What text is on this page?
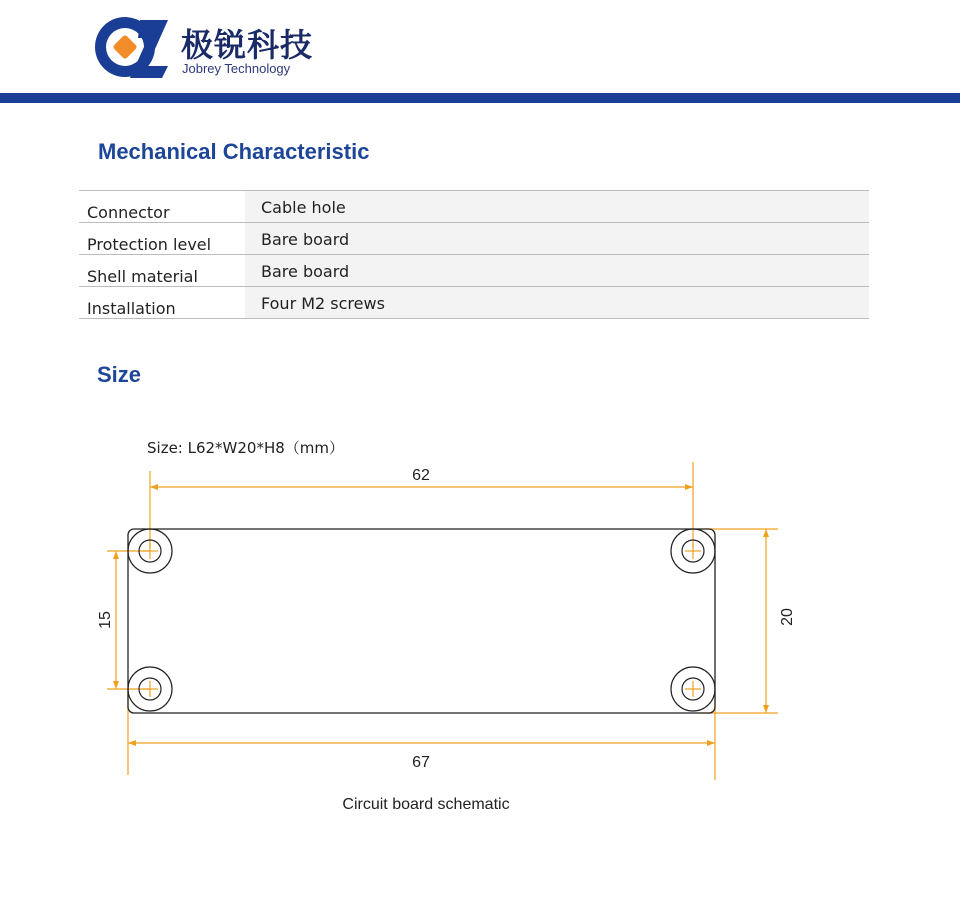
极锐科技
Jobrey Technology
Mechanical Characteristic
Connector	Cable hole
Protection level	Bare board
Shell material	Bare board
Installation	Four M2 screws
Size
Size: L62*W20*H8（mm）
62
67
15	20
Circuit board schematic
